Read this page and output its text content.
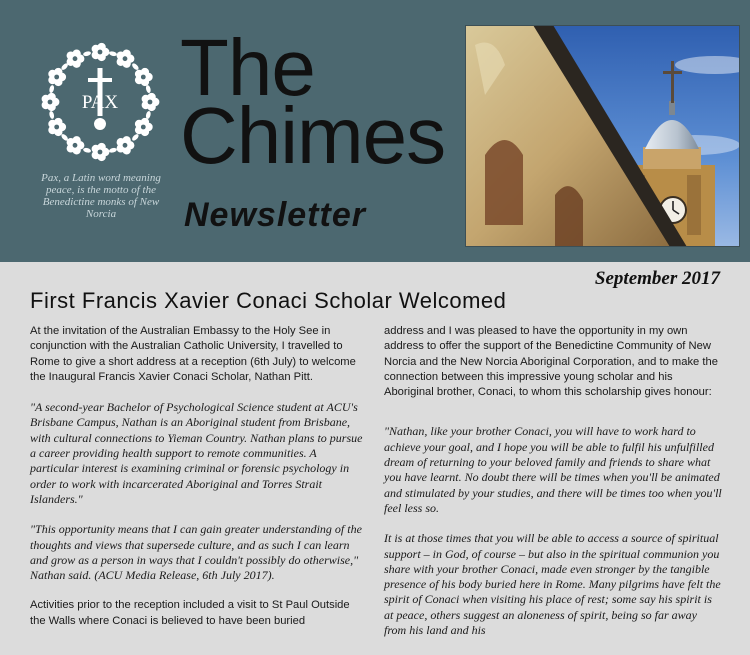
PAX

Pax, a Latin word meaning peace, is the motto of the Benedictine monks of New Norcia

The
Chimes

Newsletter

September 2017

First Francis Xavier Conaci Scholar Welcomed

At the invitation of the Australian Embassy to the Holy See in conjunction with the Australian Catholic University, I travelled to Rome to give a short address at a reception (6th July) to welcome the Inaugural Francis Xavier Conaci Scholar, Nathan Pitt.

"A second-year Bachelor of Psychological Science student at ACU's Brisbane Campus, Nathan is an Aboriginal student from Brisbane, with cultural connections to Yieman Country. Nathan plans to pursue a career providing health support to remote communities. A particular interest is examining criminal or forensic psychology in order to work with incarcerated Aboriginal and Torres Strait Islanders."

"This opportunity means that I can gain greater understanding of the thoughts and views that supersede culture, and as such I can learn and grow as a person in ways that I couldn't possibly do otherwise," Nathan said. (ACU Media Release, 6th July 2017).

Activities prior to the reception included a visit to St Paul Outside the Walls where Conaci is believed to have been buried

address and I was pleased to have the opportunity in my own address to offer the support of the Benedictine Community of New Norcia and the New Norcia Aboriginal Corporation, and to make the connection between this impressive young scholar and his Aboriginal brother, Conaci, to whom this scholarship gives honour:

"Nathan, like your brother Conaci, you will have to work hard to achieve your goal, and I hope you will be able to fulfil his unfulfilled dream of returning to your beloved family and friends to share what you have learnt. No doubt there will be times when you'll be animated and stimulated by your studies, and there will be times too when you'll feel less so.

It is at those times that you will be able to access a source of spiritual support – in God, of course – but also in the spiritual communion you share with your brother Conaci, made even stronger by the tangible presence of his body buried here in Rome. Many pilgrims have felt the spirit of Conaci when visiting his place of rest; some say his spirit is at peace, others suggest an aloneness of spirit, being so far away from his land and his
